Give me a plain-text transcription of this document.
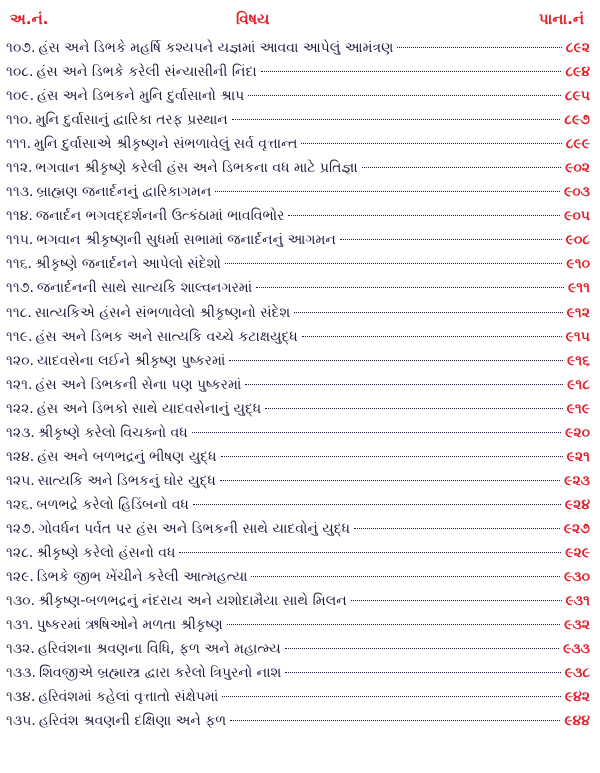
અ.નં.	વિષય	પાના.નં
૧૦૭ . હંસ અને ડિભકે મહર્ષિ કશ્યપને યજ્ઞમાં આવવા આપેલું આમંત્રણ	૮૯૨
૧૦૮ . હંસ અને ડિભકે કરેલી સંન્યાસીની નિંદા	૮૯૪
૧૦૯ . હંસ અને ડિભકને મુનિ દુર્વાસાનો શ્રાપ	૮૯૫
૧૧૦ . મુનિ દુર્વાસાનું દ્વારિકા તરફ પ્રસ્થાન	૮૯૭
૧૧૧ . મુનિ દુર્વાસાએ શ્રીકૃષ્ણને સંભળાવેલું સર્વ વૃત્તાન્ત	૮૯૯
૧૧૨ . ભગવાન શ્રીકૃષ્ણે કરેલી હંસ અને ડિભકના વધ માટે પ્રતિજ્ઞા	૯૦૨
૧૧૩ . બ્રાહ્મણ જનાર્દનનું દ્વારિકાગમન	૯૦૩
૧૧૪ . જનાર્દન ભગવદ્દર્શનની ઉત્કંઠામાં ભાવવિભોર	૯૦૫
૧૧૫ . ભગવાન શ્રીકૃષ્ણની સુધર્મા સભામાં જનાર્દનનું આગમન	૯૦૮
૧૧૬ . શ્રીકૃષ્ણે જનાર્દનને આપેલો સંદેશો	૯૧૦
૧૧૭ . જનાર્દનની સાથે સાત્યકિ શાલ્વનગરમાં	૯૧૧
૧૧૮ . સાત્યકિએ હંસને સંભળાવેલો શ્રીકૃષ્ણનો સંદેશ	૯૧૨
૧૧૯ . હંસ અને ડિભક અને સાત્યકિ વચ્ચે કટાક્ષયુદ્ધ	૯૧૫
૧૨૦ . યાદવસેના લઈને શ્રીકૃષ્ણ પુષ્કરમાં	૯૧૬
૧૨૧ . હંસ અને ડિભકની સેના પણ પુષ્કરમાં	૯૧૮
૧૨૨ . હંસ અને ડિભકો સાથે યાદવસેનાનું યુદ્ધ	૯૧૯
૧૨૩ . શ્રીકૃષ્ણે કરેલો વિચક્નો વધ	૯૨૦
૧૨૪ . હંસ અને બળભદ્રનું ભીષણ યુદ્ધ	૯૨૧
૧૨૫ . સાત્યકિ અને ડિભકનું ઘોર યુદ્ધ	૯૨૩
૧૨૬ . બળભદ્રે કરેલો હિડિંબનો વધ	૯૨૪
૧૨૭ . ગોવર્ધન પર્વત પર હંસ અને ડિભકની સાથે યાદવોનું યુદ્ધ	૯૨૭
૧૨૮ . શ્રીકૃષ્ણે કરેલો હંસનો વધ	૯૨૯
૧૨૯ . ડિભકે જીભ ખેંચીને કરેલી આત્મહત્યા	૯૩૦
૧૩૦ . શ્રીકૃષ્ણ-બળભદ્રનું નંદરાય અને યશોદામૈયા સાથે મિલન	૯૩૧
૧૩૧ . પુષ્કરમાં ઋષિઓને મળતા શ્રીકૃષ્ણ	૯૩૨
૧૩૨ . હરિવંશના શ્રવણના વિધિ, ફળ અને મહાત્મ્ય	૯૩૩
૧૩૩ . શિવજીએ બ્રહ્માસ્ત્ર દ્વારા કરેલો ત્રિપુરનો નાશ	૯૩૮
૧૩૪ . હરિવંશમાં કહેલાં વૃત્તાતો સંક્ષેપમાં	૯૪૨
૧૩૫ . હરિવંશ શ્રવણની દક્ષિણા અને ફળ	૯૪૪
